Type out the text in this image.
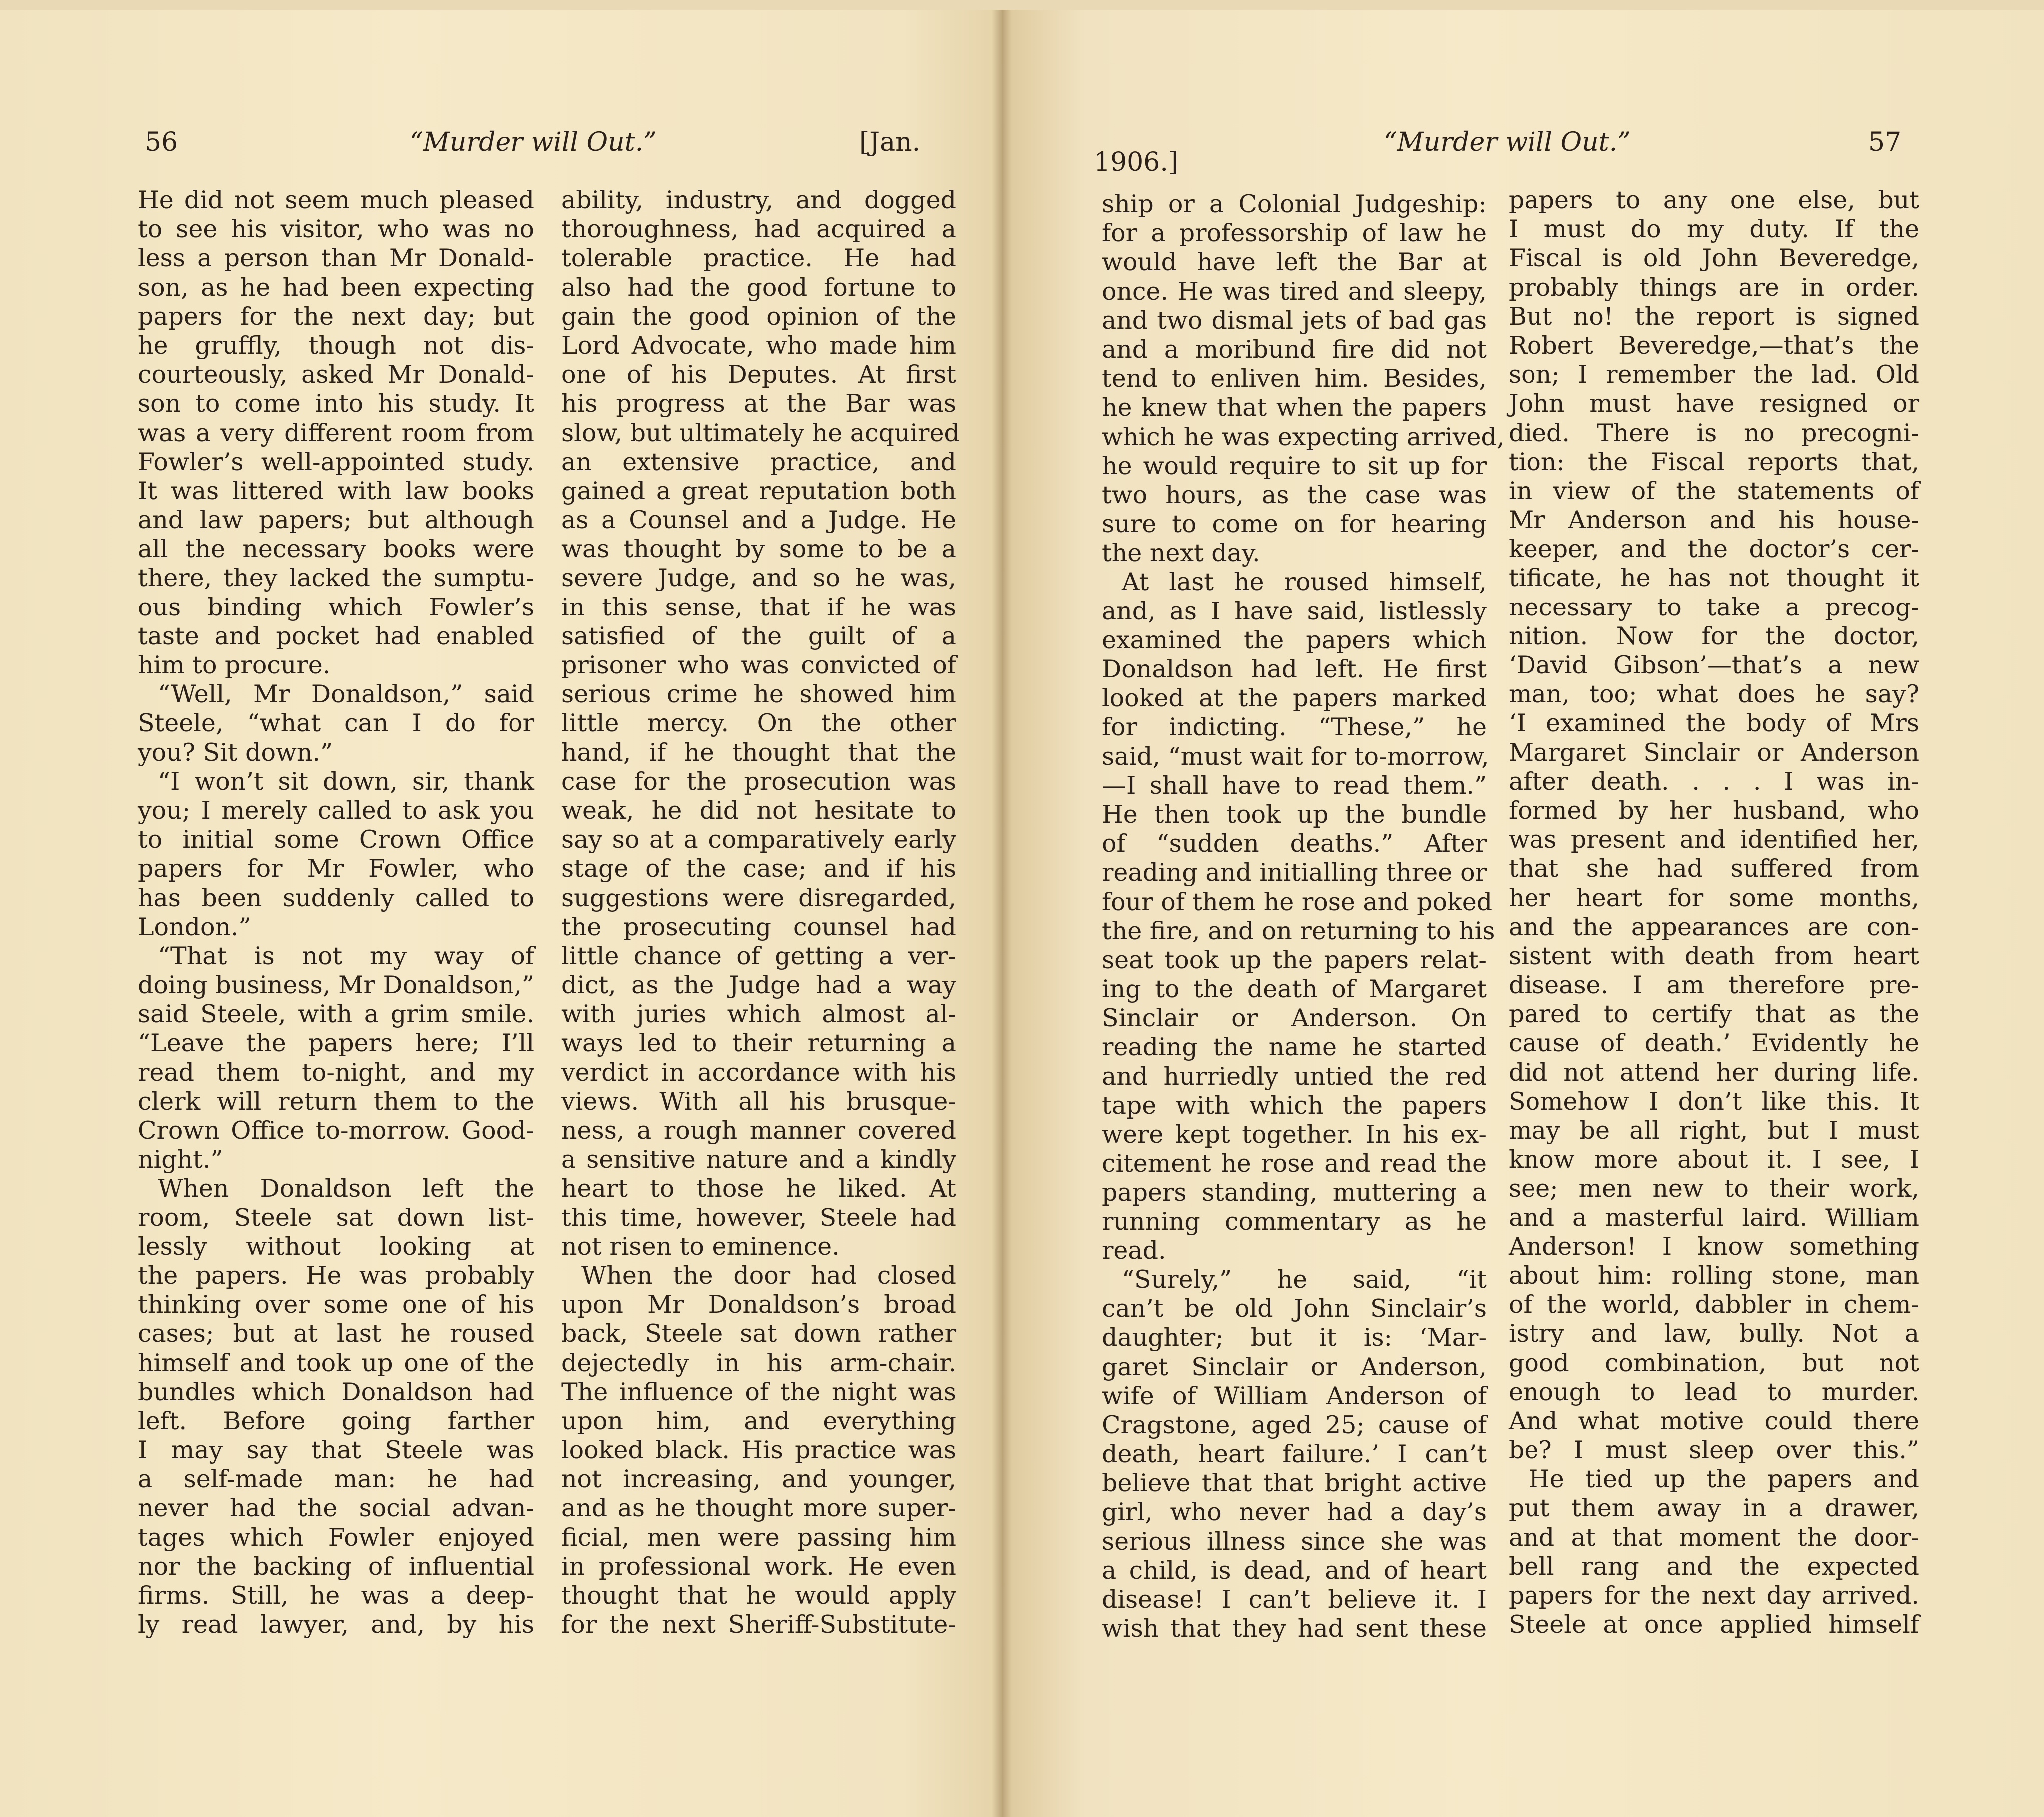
56	“Murder will Out.”	[Jan.
1906.]
“Murder will Out.”	57
He did not seem much pleased
to see his visitor, who was no
less a person than Mr Donald-
son, as he had been expecting
papers for the next day; but
he gruffly, though not dis-
courteously, asked Mr Donald-
son to come into his study. It
was a very different room from
Fowler’s well-appointed study.
It was littered with law books
and law papers; but although
all the necessary books were
there, they lacked the sumptu-
ous binding which Fowler’s
taste and pocket had enabled
him to procure.
“Well, Mr Donaldson,” said
Steele, “what can I do for
you? Sit down.”
“I won’t sit down, sir, thank
you; I merely called to ask you
to initial some Crown Office
papers for Mr Fowler, who
has been suddenly called to
London.”
“That is not my way of
doing business, Mr Donaldson,”
said Steele, with a grim smile.
“Leave the papers here; I’ll
read them to-night, and my
clerk will return them to the
Crown Office to-morrow. Good-
night.”
When Donaldson left the
room, Steele sat down list-
lessly without looking at
the papers. He was probably
thinking over some one of his
cases; but at last he roused
himself and took up one of the
bundles which Donaldson had
left. Before going farther
I may say that Steele was
a self-made man: he had
never had the social advan-
tages which Fowler enjoyed
nor the backing of influential
firms. Still, he was a deep-
ly read lawyer, and, by his
ability, industry, and dogged
thoroughness, had acquired a
tolerable practice. He had
also had the good fortune to
gain the good opinion of the
Lord Advocate, who made him
one of his Deputes. At first
his progress at the Bar was
slow, but ultimately he acquired
an extensive practice, and
gained a great reputation both
as a Counsel and a Judge. He
was thought by some to be a
severe Judge, and so he was,
in this sense, that if he was
satisfied of the guilt of a
prisoner who was convicted of
serious crime he showed him
little mercy. On the other
hand, if he thought that the
case for the prosecution was
weak, he did not hesitate to
say so at a comparatively early
stage of the case; and if his
suggestions were disregarded,
the prosecuting counsel had
little chance of getting a ver-
dict, as the Judge had a way
with juries which almost al-
ways led to their returning a
verdict in accordance with his
views. With all his brusque-
ness, a rough manner covered
a sensitive nature and a kindly
heart to those he liked. At
this time, however, Steele had
not risen to eminence.
When the door had closed
upon Mr Donaldson’s broad
back, Steele sat down rather
dejectedly in his arm-chair.
The influence of the night was
upon him, and everything
looked black. His practice was
not increasing, and younger,
and as he thought more super-
ficial, men were passing him
in professional work. He even
thought that he would apply
for the next Sheriff-Substitute-
ship or a Colonial Judgeship:
for a professorship of law he
would have left the Bar at
once. He was tired and sleepy,
and two dismal jets of bad gas
and a moribund fire did not
tend to enliven him. Besides,
he knew that when the papers
which he was expecting arrived,
he would require to sit up for
two hours, as the case was
sure to come on for hearing
the next day.
At last he roused himself,
and, as I have said, listlessly
examined the papers which
Donaldson had left. He first
looked at the papers marked
for indicting. “These,” he
said, “must wait for to-morrow,
—I shall have to read them.”
He then took up the bundle
of “sudden deaths.” After
reading and initialling three or
four of them he rose and poked
the fire, and on returning to his
seat took up the papers relat-
ing to the death of Margaret
Sinclair or Anderson. On
reading the name he started
and hurriedly untied the red
tape with which the papers
were kept together. In his ex-
citement he rose and read the
papers standing, muttering a
running commentary as he
read.
“Surely,” he said, “it
can’t be old John Sinclair’s
daughter; but it is: ‘Mar-
garet Sinclair or Anderson,
wife of William Anderson of
Cragstone, aged 25; cause of
death, heart failure.’ I can’t
believe that that bright active
girl, who never had a day’s
serious illness since she was
a child, is dead, and of heart
disease! I can’t believe it. I
wish that they had sent these
papers to any one else, but
I must do my duty. If the
Fiscal is old John Beveredge,
probably things are in order.
But no! the report is signed
Robert Beveredge,—that’s the
son; I remember the lad. Old
John must have resigned or
died. There is no precogni-
tion: the Fiscal reports that,
in view of the statements of
Mr Anderson and his house-
keeper, and the doctor’s cer-
tificate, he has not thought it
necessary to take a precog-
nition. Now for the doctor,
‘David Gibson’—that’s a new
man, too; what does he say?
‘I examined the body of Mrs
Margaret Sinclair or Anderson
after death. . . . I was in-
formed by her husband, who
was present and identified her,
that she had suffered from
her heart for some months,
and the appearances are con-
sistent with death from heart
disease. I am therefore pre-
pared to certify that as the
cause of death.’ Evidently he
did not attend her during life.
Somehow I don’t like this. It
may be all right, but I must
know more about it. I see, I
see; men new to their work,
and a masterful laird. William
Anderson! I know something
about him: rolling stone, man
of the world, dabbler in chem-
istry and law, bully. Not a
good combination, but not
enough to lead to murder.
And what motive could there
be? I must sleep over this.”
He tied up the papers and
put them away in a drawer,
and at that moment the door-
bell rang and the expected
papers for the next day arrived.
Steele at once applied himself
